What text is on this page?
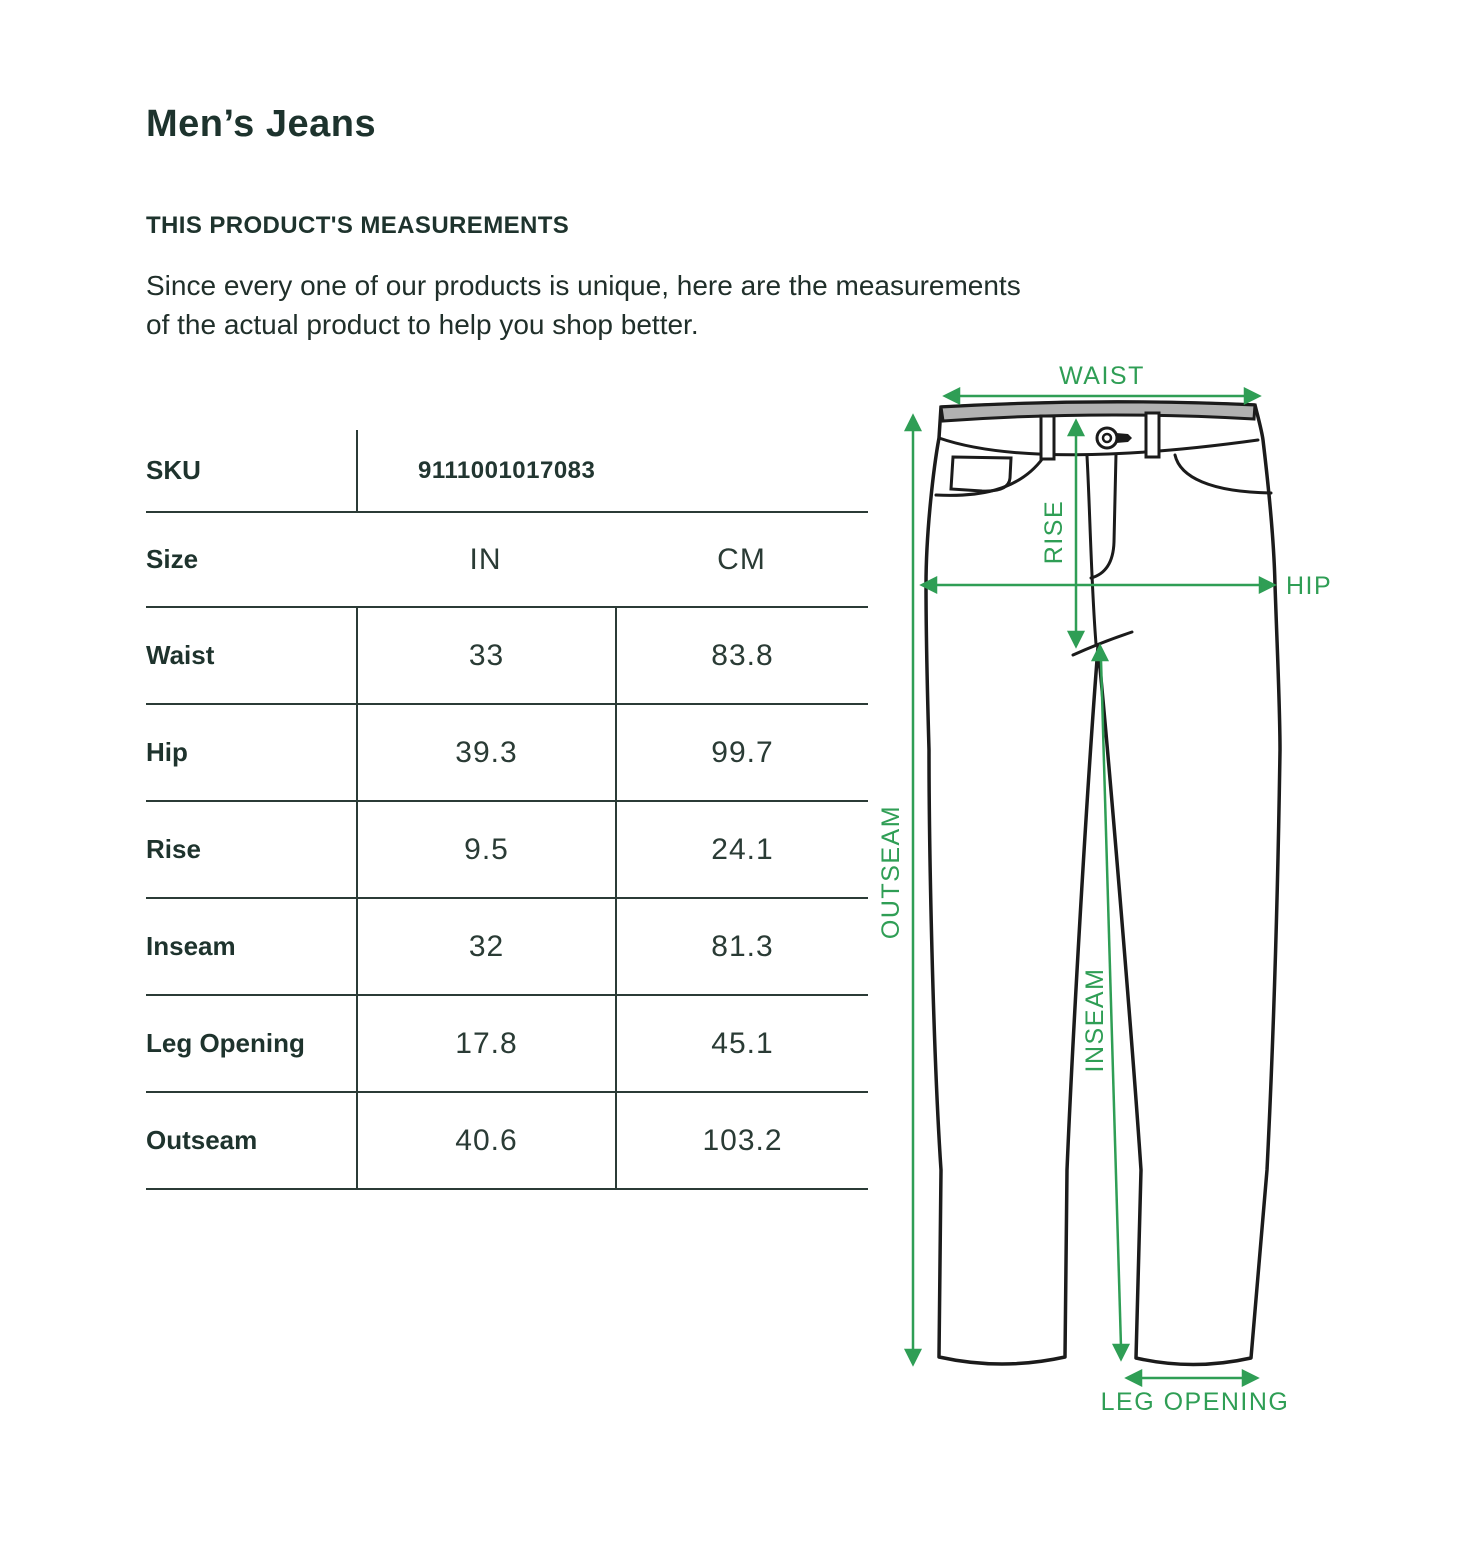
Men’s Jeans
THIS PRODUCT'S MEASUREMENTS
Since every one of our products is unique, here are the measurements
of the actual product to help you shop better.
SKU	9111001017083
Size	IN	CM
Waist	33	83.8
Hip	39.3	99.7
Rise	9.5	24.1
Inseam	32	81.3
Leg Opening	17.8	45.1
Outseam	40.6	103.2
WAIST
HIP
RISE
OUTSEAM
INSEAM
LEG OPENING
